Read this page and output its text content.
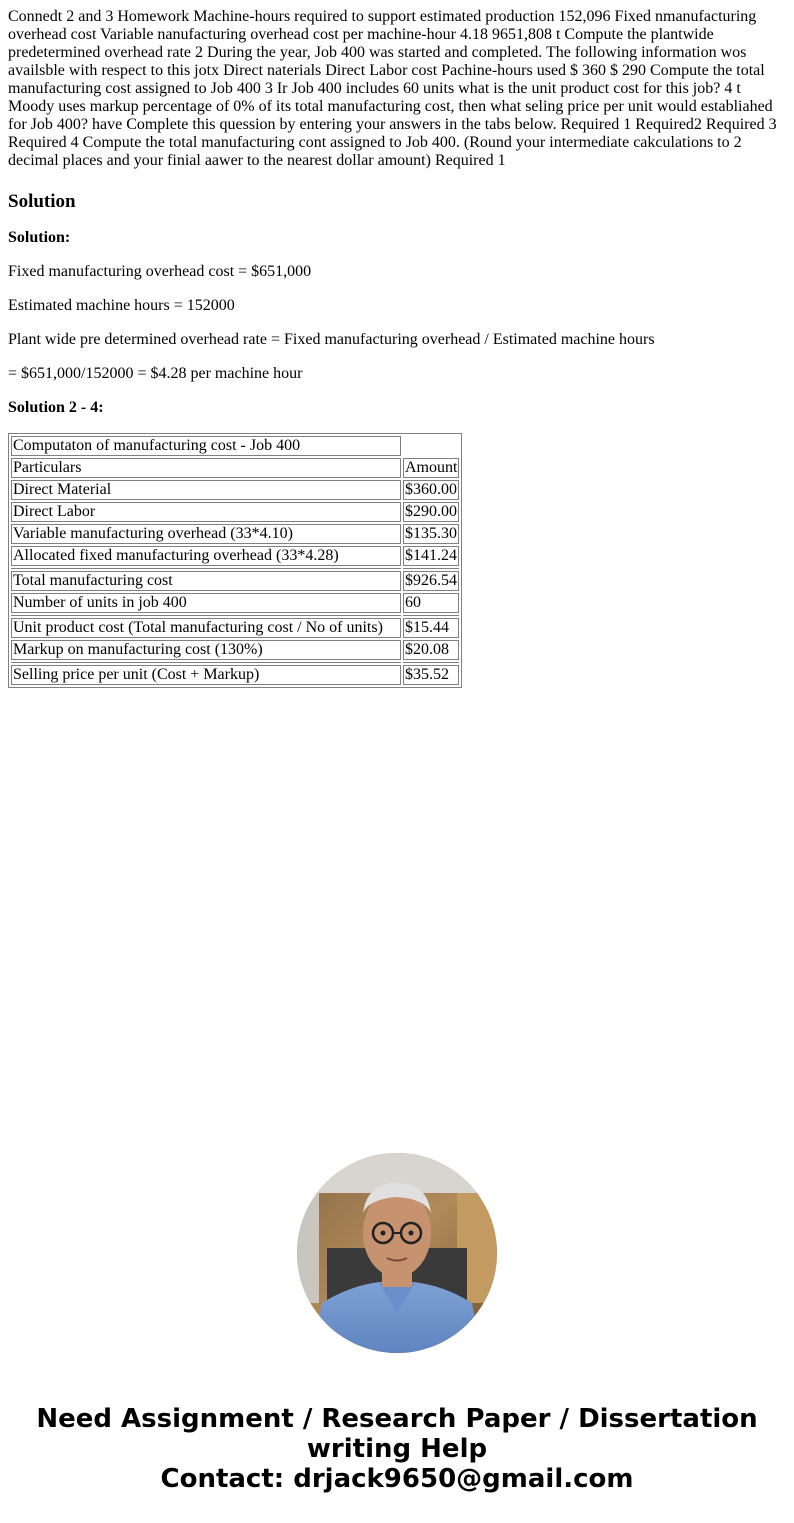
Connedt 2 and 3 Homework Machine-hours required to support estimated production 152,096 Fixed nmanufacturing overhead cost Variable nanufacturing overhead cost per machine-hour 4.18 9651,808 t Compute the plantwide predetermined overhead rate 2 During the year, Job 400 was started and completed. The following information wos availsble with respect to this jotx Direct naterials Direct Labor cost Pachine-hours used $ 360 $ 290 Compute the total manufacturing cost assigned to Job 400 3 Ir Job 400 includes 60 units what is the unit product cost for this job? 4 t Moody uses markup percentage of 0% of its total manufacturing cost, then what seling price per unit would establiahed for Job 400? have Complete this quession by entering your answers in the tabs below. Required 1 Required2 Required 3 Required 4 Compute the total manufacturing cont assigned to Job 400. (Round your intermediate cakculations to 2 decimal places and your finial aawer to the nearest dollar amount) Required 1
Solution

Solution:

Fixed manufacturing overhead cost = $651,000

Estimated machine hours = 152000

Plant wide pre determined overhead rate = Fixed manufacturing overhead / Estimated machine hours

= $651,000/152000 = $4.28 per machine hour

Solution 2 - 4:

Computaton of manufacturing cost - Job 400	
Particulars	Amount
Direct Material	$360.00
Direct Labor	$290.00
Variable manufacturing overhead (33*4.10)	$135.30
Allocated fixed manufacturing overhead (33*4.28)	$141.24

Total manufacturing cost	$926.54
Number of units in job 400	60

Unit product cost (Total manufacturing cost / No of units)	$15.44
Markup on manufacturing cost (130%)	$20.08

Selling price per unit (Cost + Markup)	$35.52
Need Assignment / Research Paper / Dissertation
writing Help
Contact: drjack9650@gmail.com
